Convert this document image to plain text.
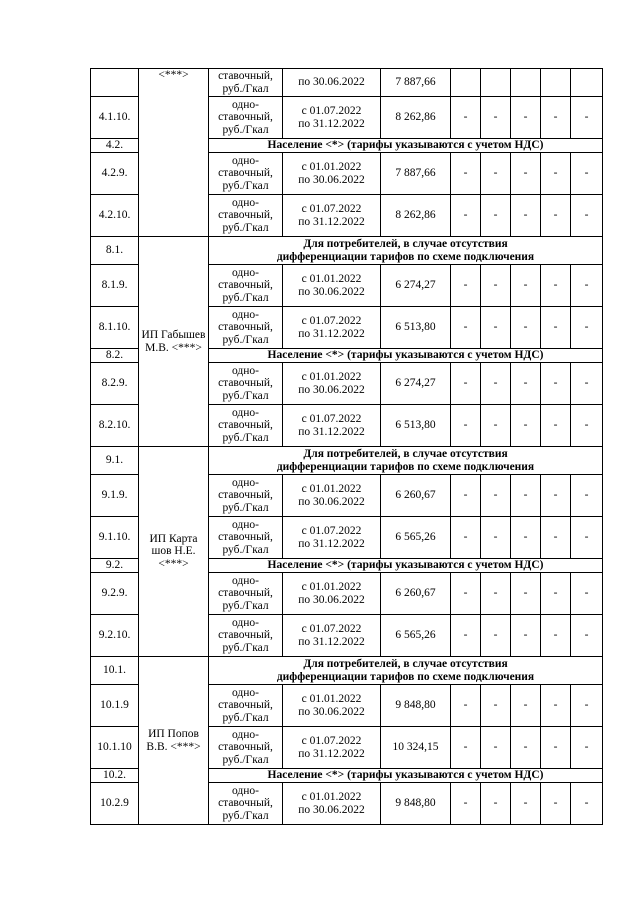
	<***>	ставочный,
руб./Гкал	по 30.06.2022	7 887,66					
4.1.10.		одно-
ставочный,
руб./Гкал	с 01.07.2022
по 31.12.2022	8 262,86	-	-	-	-	-
4.2.		Население <*> (тарифы указываются с учетом НДС)							

4.2.9.		одно-
ставочный,
руб./Гкал	с 01.01.2022
по 30.06.2022	7 887,66	-	-	-	-	-
4.2.10.		одно-
ставочный,
руб./Гкал	с 01.07.2022
по 31.12.2022	8 262,86	-	-	-	-	-
8.1.	ИП Габышев М.В. <***>	Для потребителей, в случае отсутствия
дифференциации тарифов по схеме подключения							

8.1.9.		одно-
ставочный,
руб./Гкал	с 01.01.2022
по 30.06.2022	6 274,27	-	-	-	-	-
8.1.10.		одно-
ставочный,
руб./Гкал	с 01.07.2022
по 31.12.2022	6 513,80	-	-	-	-	-
8.2.		Население <*> (тарифы указываются с учетом НДС)							

8.2.9.		одно-
ставочный,
руб./Гкал	с 01.01.2022
по 30.06.2022	6 274,27	-	-	-	-	-
8.2.10.		одно-
ставочный,
руб./Гкал	с 01.07.2022
по 31.12.2022	6 513,80	-	-	-	-	-
9.1.	ИП Карта шов Н.Е. <***>	Для потребителей, в случае отсутствия
дифференциации тарифов по схеме подключения							

9.1.9.		одно-
ставочный,
руб./Гкал	с 01.01.2022
по 30.06.2022	6 260,67	-	-	-	-	-
9.1.10.		одно-
ставочный,
руб./Гкал	с 01.07.2022
по 31.12.2022	6 565,26	-	-	-	-	-
9.2.		Население <*> (тарифы указываются с учетом НДС)							

9.2.9.		одно-
ставочный,
руб./Гкал	с 01.01.2022
по 30.06.2022	6 260,67	-	-	-	-	-
9.2.10.		одно-
ставочный,
руб./Гкал	с 01.07.2022
по 31.12.2022	6 565,26	-	-	-	-	-
10.1.	ИП Попов В.В. <***>	Для потребителей, в случае отсутствия
дифференциации тарифов по схеме подключения							

10.1.9		одно-
ставочный,
руб./Гкал	с 01.01.2022
по 30.06.2022	9 848,80	-	-	-	-	-
10.1.10		одно-
ставочный,
руб./Гкал	с 01.07.2022
по 31.12.2022	10 324,15	-	-	-	-	-
10.2.		Население <*> (тарифы указываются с учетом НДС)							

10.2.9		одно-
ставочный,
руб./Гкал	с 01.01.2022
по 30.06.2022	9 848,80	-	-	-	-	-
